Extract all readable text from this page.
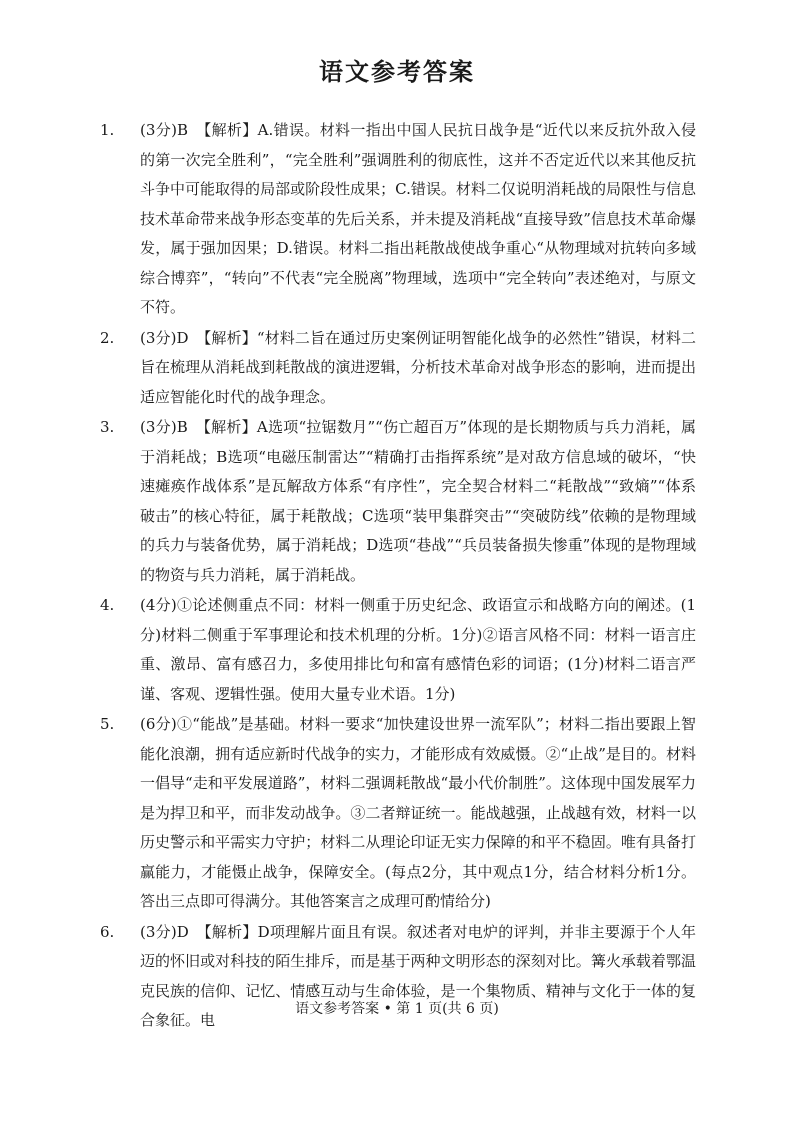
语文参考答案
1. (3分)B　【解析】A.错误。材料一指出中国人民抗日战争是“近代以来反抗外敌入侵的第一次完全胜利”，“完全胜利”强调胜利的彻底性，这并不否定近代以来其他反抗斗争中可能取得的局部或阶段性成果；C.错误。材料二仅说明消耗战的局限性与信息技术革命带来战争形态变革的先后关系，并未提及消耗战“直接导致”信息技术革命爆发，属于强加因果；D.错误。材料二指出耗散战使战争重心“从物理域对抗转向多域综合博弈”，“转向”不代表“完全脱离”物理域，选项中“完全转向”表述绝对，与原文不符。
2. (3分)D　【解析】“材料二旨在通过历史案例证明智能化战争的必然性”错误，材料二旨在梳理从消耗战到耗散战的演进逻辑，分析技术革命对战争形态的影响，进而提出适应智能化时代的战争理念。
3. (3分)B　【解析】A选项“拉锯数月”“伤亡超百万”体现的是长期物质与兵力消耗，属于消耗战；B选项“电磁压制雷达”“精确打击指挥系统”是对敌方信息域的破坏，“快速瘫痪作战体系”是瓦解敌方体系“有序性”，完全契合材料二“耗散战”“致熵”“体系破击”的核心特征，属于耗散战；C选项“装甲集群突击”“突破防线”依赖的是物理域的兵力与装备优势，属于消耗战；D选项“巷战”“兵员装备损失惨重”体现的是物理域的物资与兵力消耗，属于消耗战。
4. (4分)①论述侧重点不同：材料一侧重于历史纪念、政语宣示和战略方向的阐述。(1分)材料二侧重于军事理论和技术机理的分析。1分)②语言风格不同：材料一语言庄重、激昂、富有感召力，多使用排比句和富有感情色彩的词语；(1分)材料二语言严谨、客观、逻辑性强。使用大量专业术语。1分)
5. (6分)①“能战”是基础。材料一要求“加快建设世界一流军队”；材料二指出要跟上智能化浪潮，拥有适应新时代战争的实力，才能形成有效威慑。②“止战”是目的。材料一倡导“走和平发展道路”，材料二强调耗散战“最小代价制胜”。这体现中国发展军力是为捍卫和平，而非发动战争。③二者辩证统一。能战越强，止战越有效，材料一以历史警示和平需实力守护；材料二从理论印证无实力保障的和平不稳固。唯有具备打赢能力，才能慑止战争，保障安全。(每点2分，其中观点1分，结合材料分析1分。答出三点即可得满分。其他答案言之成理可酌情给分)
6. (3分)D　【解析】D项理解片面且有误。叙述者对电炉的评判，并非主要源于个人年迈的怀旧或对科技的陌生排斥，而是基于两种文明形态的深刻对比。篝火承载着鄂温克民族的信仰、记忆、情感互动与生命体验，是一个集物质、精神与文化于一体的复合象征。电
语文参考答案 • 第 1 页(共 6 页)
